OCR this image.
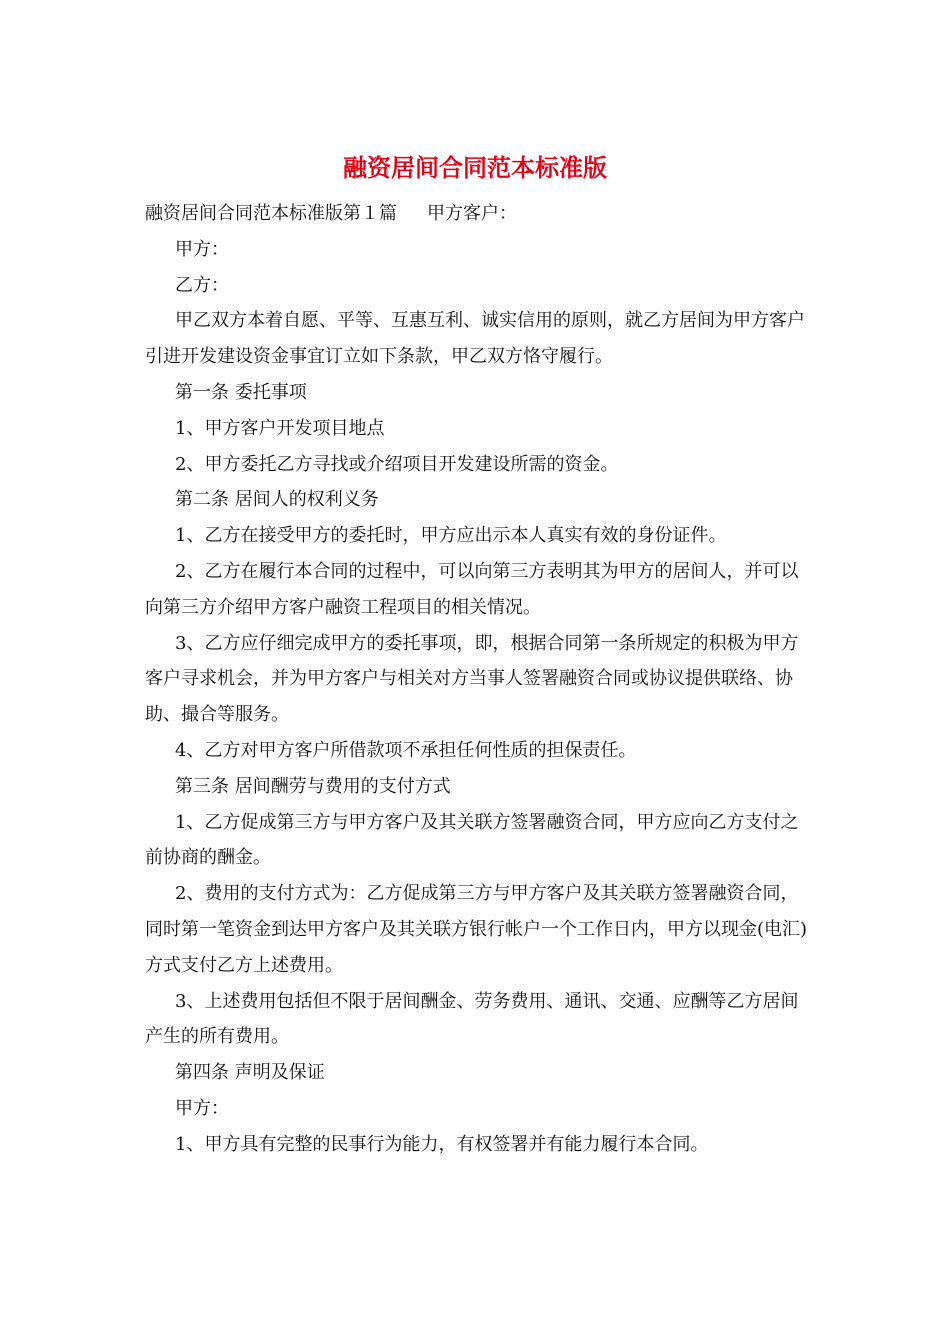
融资居间合同范本标准版
融资居间合同范本标准版第１篇 甲方客户：
甲方：
乙方：
甲乙双方本着自愿、平等、互惠互利、诚实信用的原则，就乙方居间为甲方客户引进开发建设资金事宜订立如下条款，甲乙双方恪守履行。
第一条 委托事项
1、甲方客户开发项目地点
2、甲方委托乙方寻找或介绍项目开发建设所需的资金。
第二条 居间人的权利义务
1、乙方在接受甲方的委托时，甲方应出示本人真实有效的身份证件。
2、乙方在履行本合同的过程中，可以向第三方表明其为甲方的居间人，并可以向第三方介绍甲方客户融资工程项目的相关情况。
3、乙方应仔细完成甲方的委托事项，即，根据合同第一条所规定的积极为甲方客户寻求机会，并为甲方客户与相关对方当事人签署融资合同或协议提供联络、协助、撮合等服务。
4、乙方对甲方客户所借款项不承担任何性质的担保责任。
第三条 居间酬劳与费用的支付方式
1、乙方促成第三方与甲方客户及其关联方签署融资合同，甲方应向乙方支付之前协商的酬金。
2、费用的支付方式为：乙方促成第三方与甲方客户及其关联方签署融资合同，同时第一笔资金到达甲方客户及其关联方银行帐户一个工作日内，甲方以现金(电汇)方式支付乙方上述费用。
3、上述费用包括但不限于居间酬金、劳务费用、通讯、交通、应酬等乙方居间产生的所有费用。
第四条 声明及保证
甲方：
1、甲方具有完整的民事行为能力，有权签署并有能力履行本合同。
